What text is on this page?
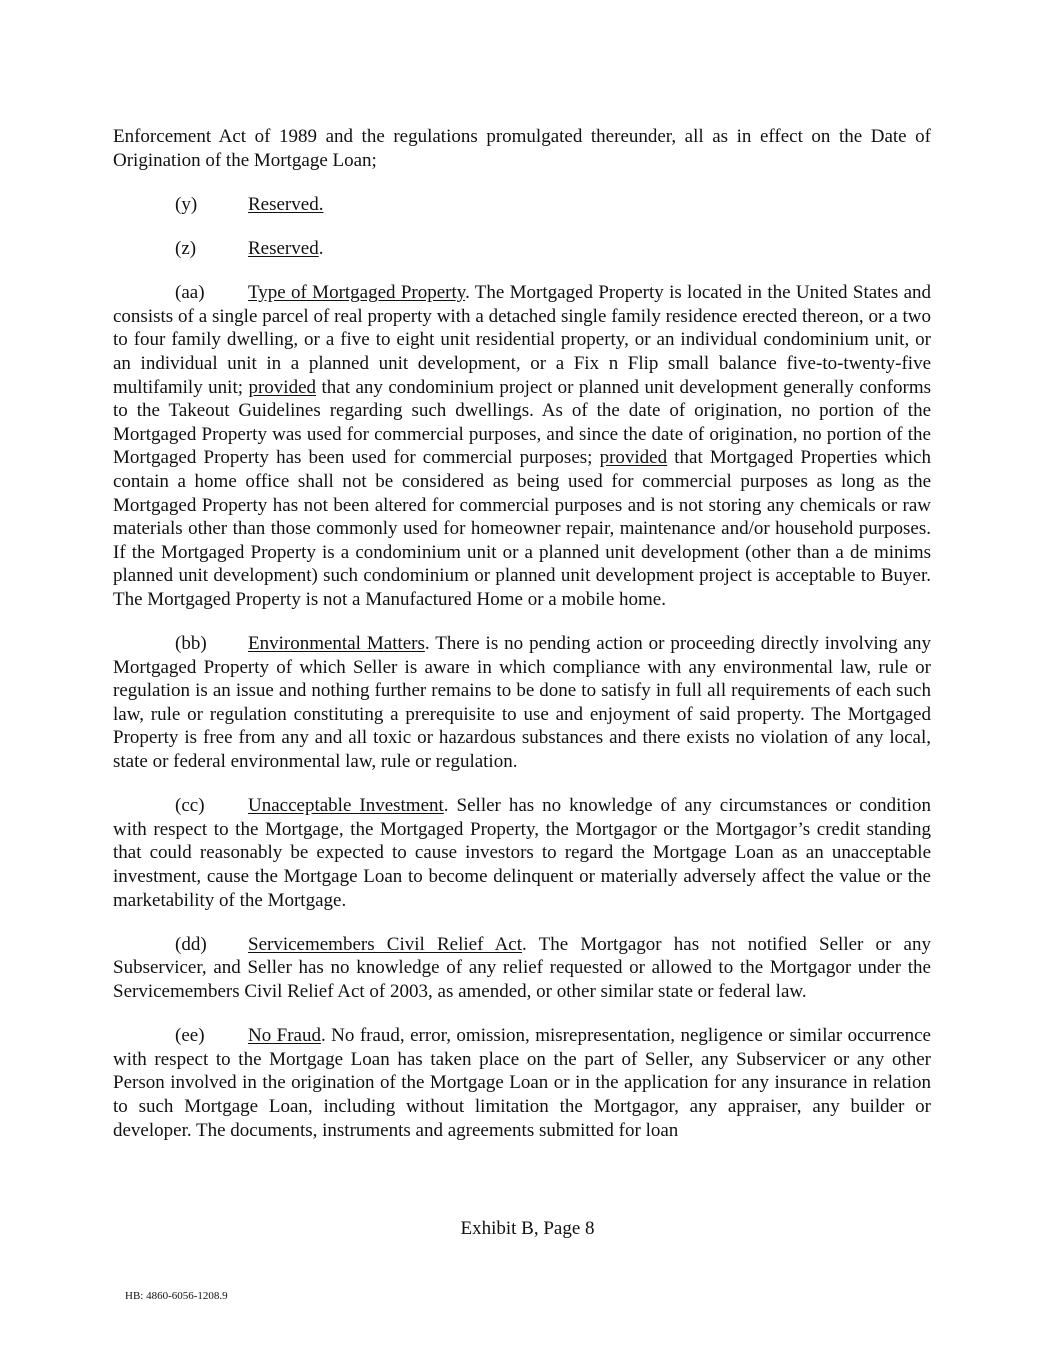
Enforcement Act of 1989 and the regulations promulgated thereunder, all as in effect on the Date of Origination of the Mortgage Loan;

(y)	Reserved.

(z)	Reserved.

(aa) Type of Mortgaged Property. The Mortgaged Property is located in the United States and consists of a single parcel of real property with a detached single family residence erected thereon, or a two to four family dwelling, or a five to eight unit residential property, or an individual condominium unit, or an individual unit in a planned unit development, or a Fix n Flip small balance five-to-twenty-five multifamily unit; provided that any condominium project or planned unit development generally conforms to the Takeout Guidelines regarding such dwellings. As of the date of origination, no portion of the Mortgaged Property was used for commercial purposes, and since the date of origination, no portion of the Mortgaged Property has been used for commercial purposes; provided that Mortgaged Properties which contain a home office shall not be considered as being used for commercial purposes as long as the Mortgaged Property has not been altered for commercial purposes and is not storing any chemicals or raw materials other than those commonly used for homeowner repair, maintenance and/or household purposes. If the Mortgaged Property is a condominium unit or a planned unit development (other than a de minims planned unit development) such condominium or planned unit development project is acceptable to Buyer. The Mortgaged Property is not a Manufactured Home or a mobile home.

(bb) Environmental Matters. There is no pending action or proceeding directly involving any Mortgaged Property of which Seller is aware in which compliance with any environmental law, rule or regulation is an issue and nothing further remains to be done to satisfy in full all requirements of each such law, rule or regulation constituting a prerequisite to use and enjoyment of said property. The Mortgaged Property is free from any and all toxic or hazardous substances and there exists no violation of any local, state or federal environmental law, rule or regulation.

(cc) Unacceptable Investment. Seller has no knowledge of any circumstances or condition with respect to the Mortgage, the Mortgaged Property, the Mortgagor or the Mortgagor’s credit standing that could reasonably be expected to cause investors to regard the Mortgage Loan as an unacceptable investment, cause the Mortgage Loan to become delinquent or materially adversely affect the value or the marketability of the Mortgage.

(dd) Servicemembers Civil Relief Act. The Mortgagor has not notified Seller or any Subservicer, and Seller has no knowledge of any relief requested or allowed to the Mortgagor under the Servicemembers Civil Relief Act of 2003, as amended, or other similar state or federal law.

(ee) No Fraud. No fraud, error, omission, misrepresentation, negligence or similar occurrence with respect to the Mortgage Loan has taken place on the part of Seller, any Subservicer or any other Person involved in the origination of the Mortgage Loan or in the application for any insurance in relation to such Mortgage Loan, including without limitation the Mortgagor, any appraiser, any builder or developer. The documents, instruments and agreements submitted for loan

Exhibit B, Page 8
HB: 4860-6056-1208.9
